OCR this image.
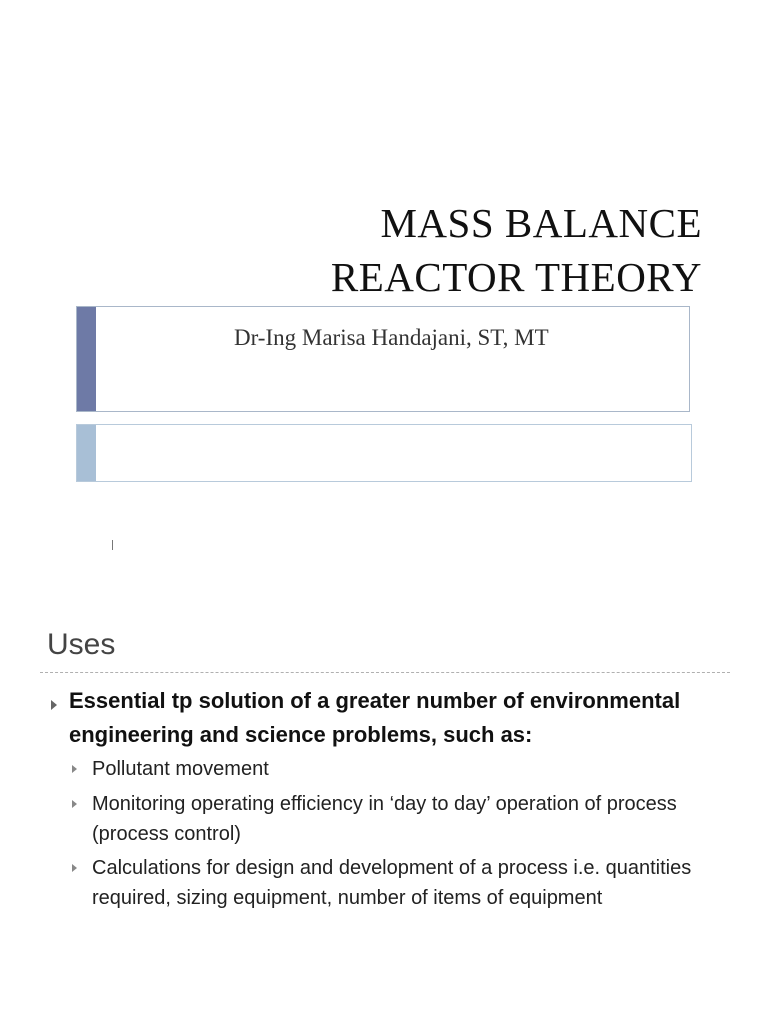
MASS BALANCE
REACTOR THEORY
Dr-Ing Marisa Handajani, ST, MT
Uses
Essential tp solution of a greater number of environmental engineering and science problems, such as:
Pollutant movement
Monitoring operating efficiency in ‘day to day’ operation of process (process control)
Calculations for design and development of a process i.e. quantities required, sizing equipment, number of items of equipment
